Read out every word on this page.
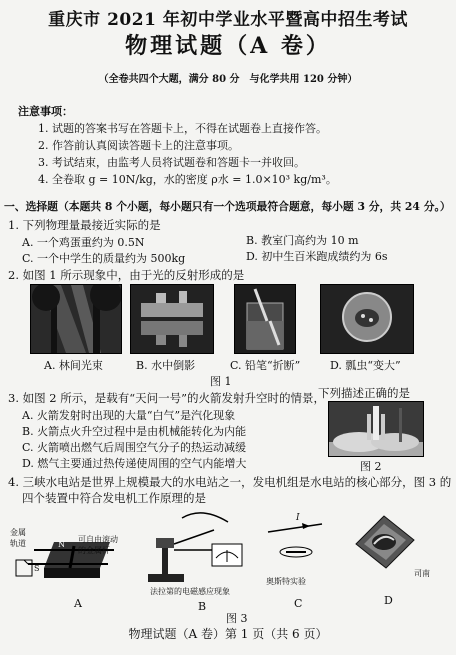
重庆市 2021 年初中学业水平暨高中招生考试
物理试题（A 卷）
（全卷共四个大题，满分 80 分　与化学共用 120 分钟）
注意事项：
1. 试题的答案书写在答题卡上，不得在试题卷上直接作答。
2. 作答前认真阅读答题卡上的注意事项。
3. 考试结束，由监考人员将试题卷和答题卡一并收回。
4. 全卷取 g = 10N/kg，水的密度 ρ水 = 1.0×10³ kg/m³。
一、选择题（本题共 8 个小题，每小题只有一个选项最符合题意，每小题 3 分，共 24 分。）
1. 下列物理量最接近实际的是
A. 一个鸡蛋重约为 0.5N	B. 教室门高约为 10 m
C. 一个中学生的质量约为 500kg	D. 初中生百米跑成绩约为 6s
2. 如图 1 所示现象中，由于光的反射形成的是
A. 林间光束	B. 水中倒影	C. 铅笔“折断”	D. 瓢虫“变大”
图 1
3. 如图 2 所示，是载有“天问一号”的火箭发射升空时的情景，
下列描述正确的是
A. 火箭发射时出现的大量“白气”是汽化现象
B. 火箭点火升空过程中是由机械能转化为内能
C. 火箭喷出燃气后周围空气分子的热运动减缓
D. 燃气主要通过热传递使周围的空气内能增大	图 2
4. 三峡水电站是世界上规模最大的水电站之一，发电机组是水电站的核心部分，图 3 的
四个装置中符合发电机工作原理的是
金属
轨道	可自由滚动
的金属杆
N
S
A
法拉第的电磁感应现象
B
I
奥斯特实验
C
司南
D
图 3
物理试题（A 卷）第 1 页（共 6 页）
